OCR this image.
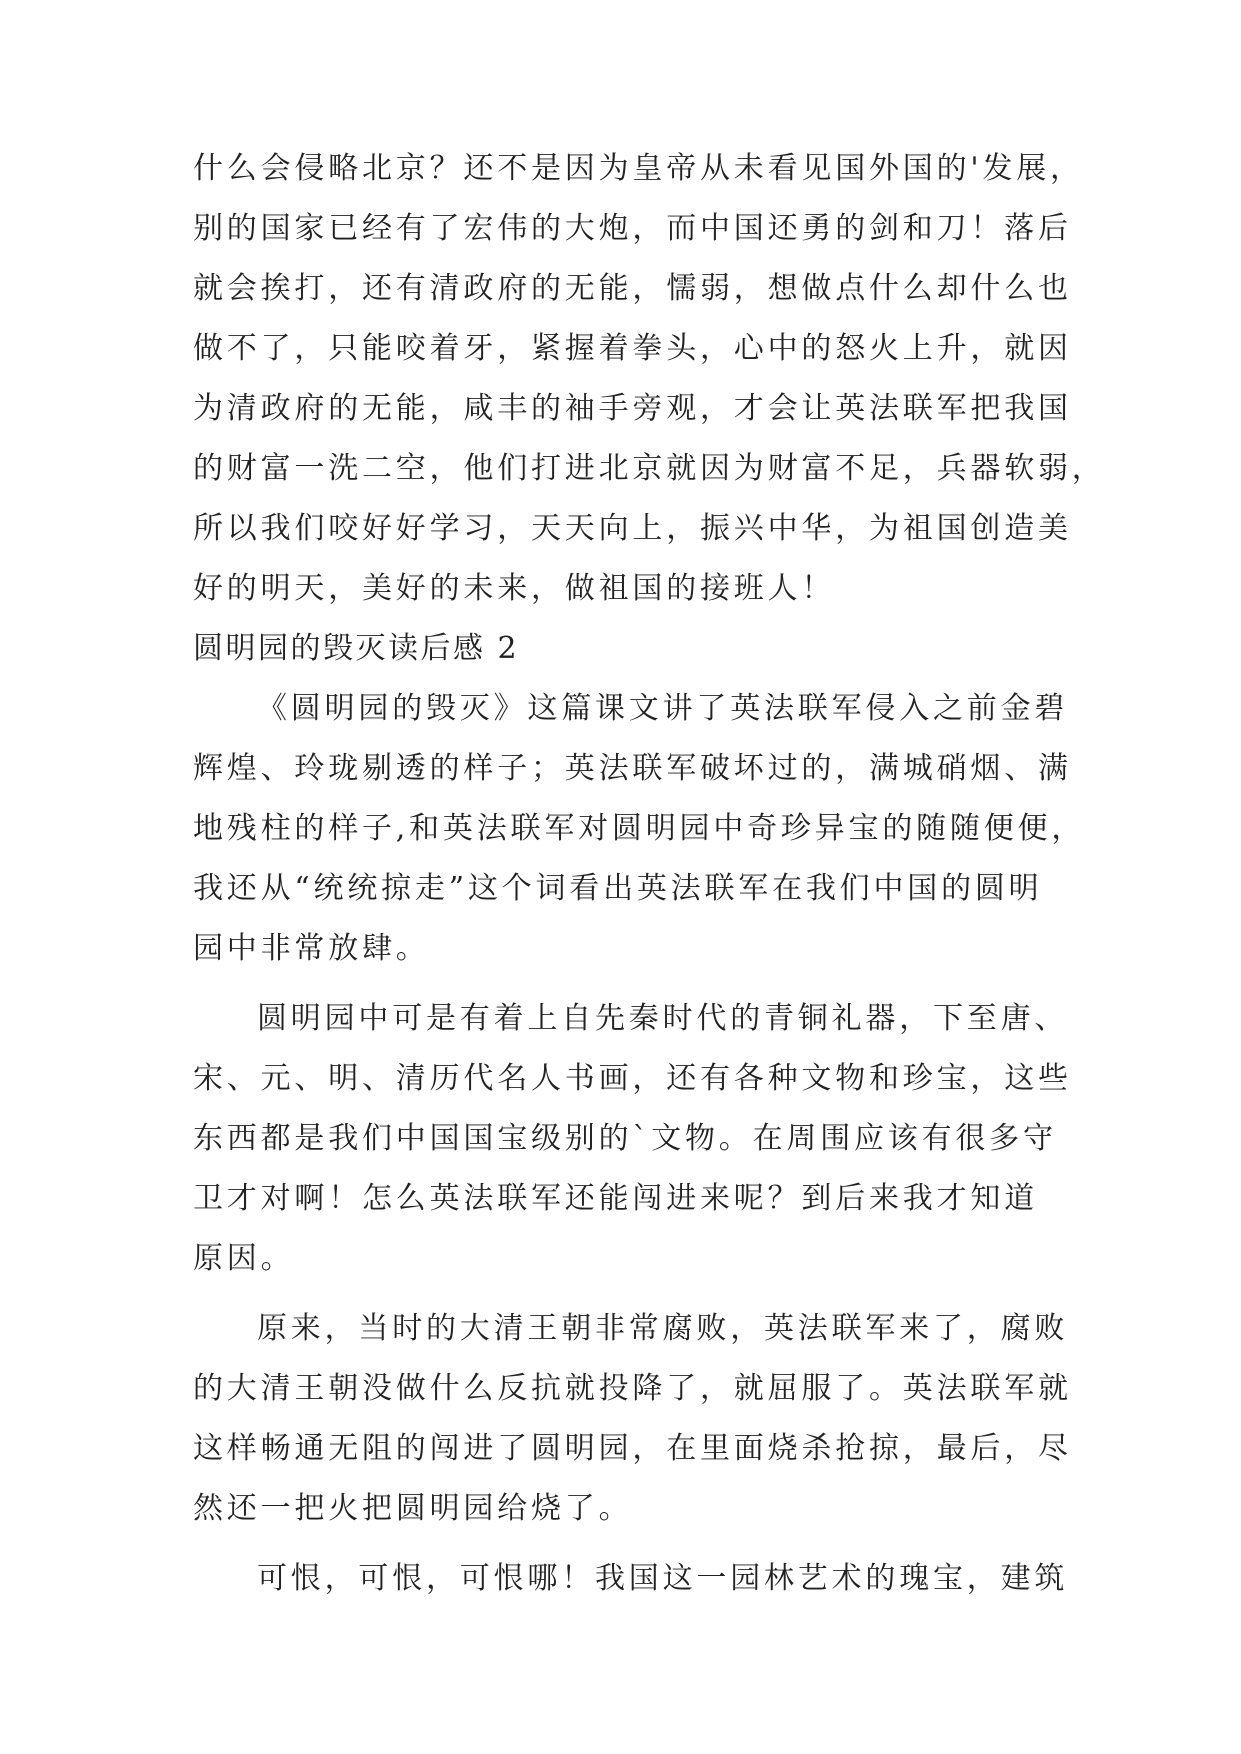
什么会侵略北京？还不是因为皇帝从未看见国外国的'发展，
别的国家已经有了宏伟的大炮，而中国还勇的剑和刀！落后
就会挨打，还有清政府的无能，懦弱，想做点什么却什么也
做不了，只能咬着牙，紧握着拳头，心中的怒火上升，就因
为清政府的无能，咸丰的袖手旁观，才会让英法联军把我国
的财富一洗二空，他们打进北京就因为财富不足，兵器软弱，
所以我们咬好好学习，天天向上，振兴中华，为祖国创造美
好的明天，美好的未来，做祖国的接班人！
圆明园的毁灭读后感 2
《圆明园的毁灭》这篇课文讲了英法联军侵入之前金碧
辉煌、玲珑剔透的样子；英法联军破坏过的，满城硝烟、满
地残柱的样子,和英法联军对圆明园中奇珍异宝的随随便便，
我还从“统统掠走”这个词看出英法联军在我们中国的圆明
园中非常放肆。
圆明园中可是有着上自先秦时代的青铜礼器，下至唐、
宋、元、明、清历代名人书画，还有各种文物和珍宝，这些
东西都是我们中国国宝级别的`文物。在周围应该有很多守
卫才对啊！怎么英法联军还能闯进来呢？到后来我才知道
原因。
原来，当时的大清王朝非常腐败，英法联军来了，腐败
的大清王朝没做什么反抗就投降了，就屈服了。英法联军就
这样畅通无阻的闯进了圆明园，在里面烧杀抢掠，最后，尽
然还一把火把圆明园给烧了。
可恨，可恨，可恨哪！我国这一园林艺术的瑰宝，建筑
